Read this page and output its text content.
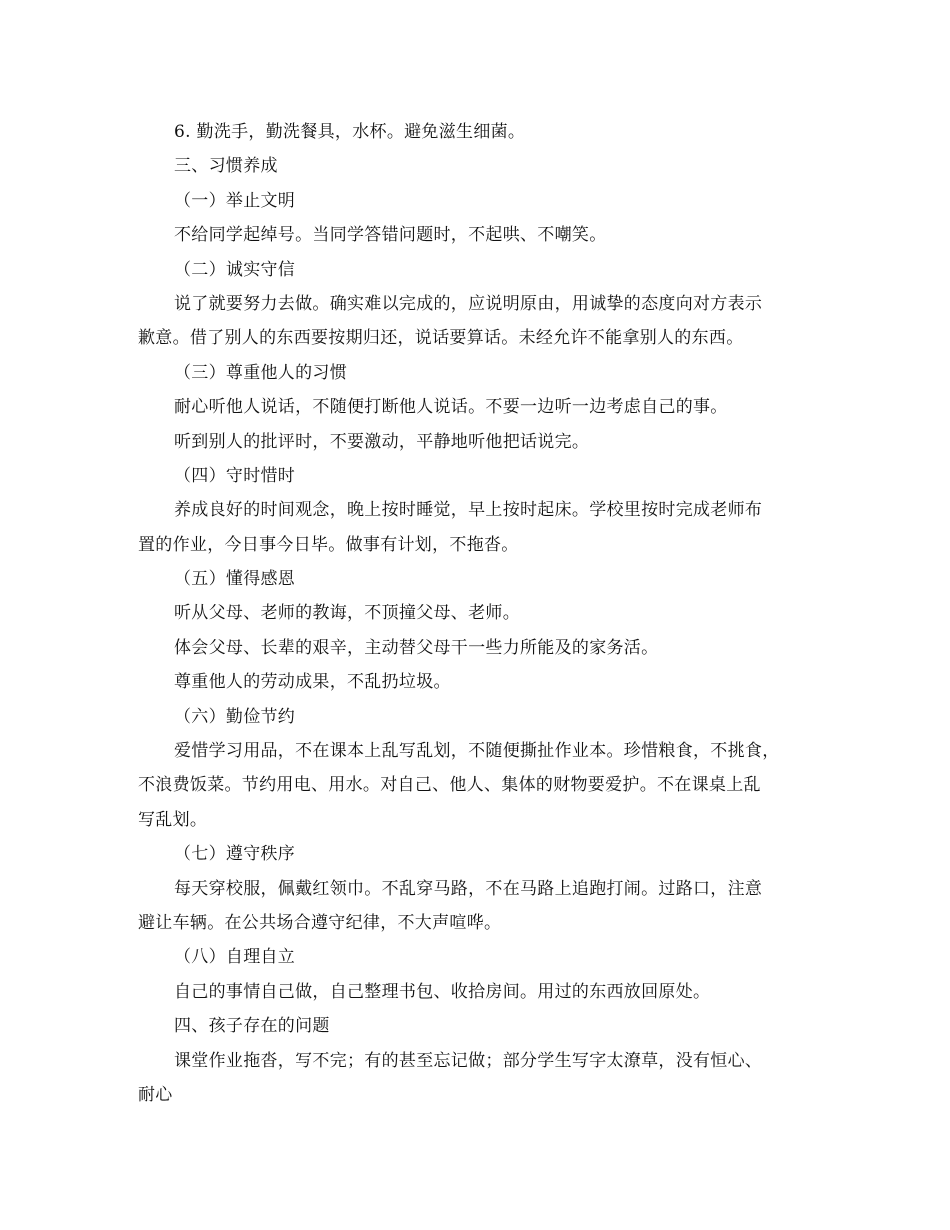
6. 勤洗手，勤洗餐具，水杯。避免滋生细菌。
三、习惯养成
（一）举止文明
不给同学起绰号。当同学答错问题时，不起哄、不嘲笑。
（二）诚实守信
说了就要努力去做。确实难以完成的，应说明原由，用诚挚的态度向对方表示
歉意。借了别人的东西要按期归还，说话要算话。未经允许不能拿别人的东西。
（三）尊重他人的习惯
耐心听他人说话，不随便打断他人说话。不要一边听一边考虑自己的事。
听到别人的批评时，不要激动，平静地听他把话说完。
（四）守时惜时
养成良好的时间观念，晚上按时睡觉，早上按时起床。学校里按时完成老师布
置的作业，今日事今日毕。做事有计划，不拖沓。
（五）懂得感恩
听从父母、老师的教诲，不顶撞父母、老师。
体会父母、长辈的艰辛，主动替父母干一些力所能及的家务活。
尊重他人的劳动成果，不乱扔垃圾。
（六）勤俭节约
爱惜学习用品，不在课本上乱写乱划，不随便撕扯作业本。珍惜粮食，不挑食，
不浪费饭菜。节约用电、用水。对自己、他人、集体的财物要爱护。不在课桌上乱
写乱划。
（七）遵守秩序
每天穿校服，佩戴红领巾。不乱穿马路，不在马路上追跑打闹。过路口，注意
避让车辆。在公共场合遵守纪律，不大声喧哗。
（八）自理自立
自己的事情自己做，自己整理书包、收拾房间。用过的东西放回原处。
四、孩子存在的问题
课堂作业拖沓，写不完；有的甚至忘记做；部分学生写字太潦草，没有恒心、
耐心
